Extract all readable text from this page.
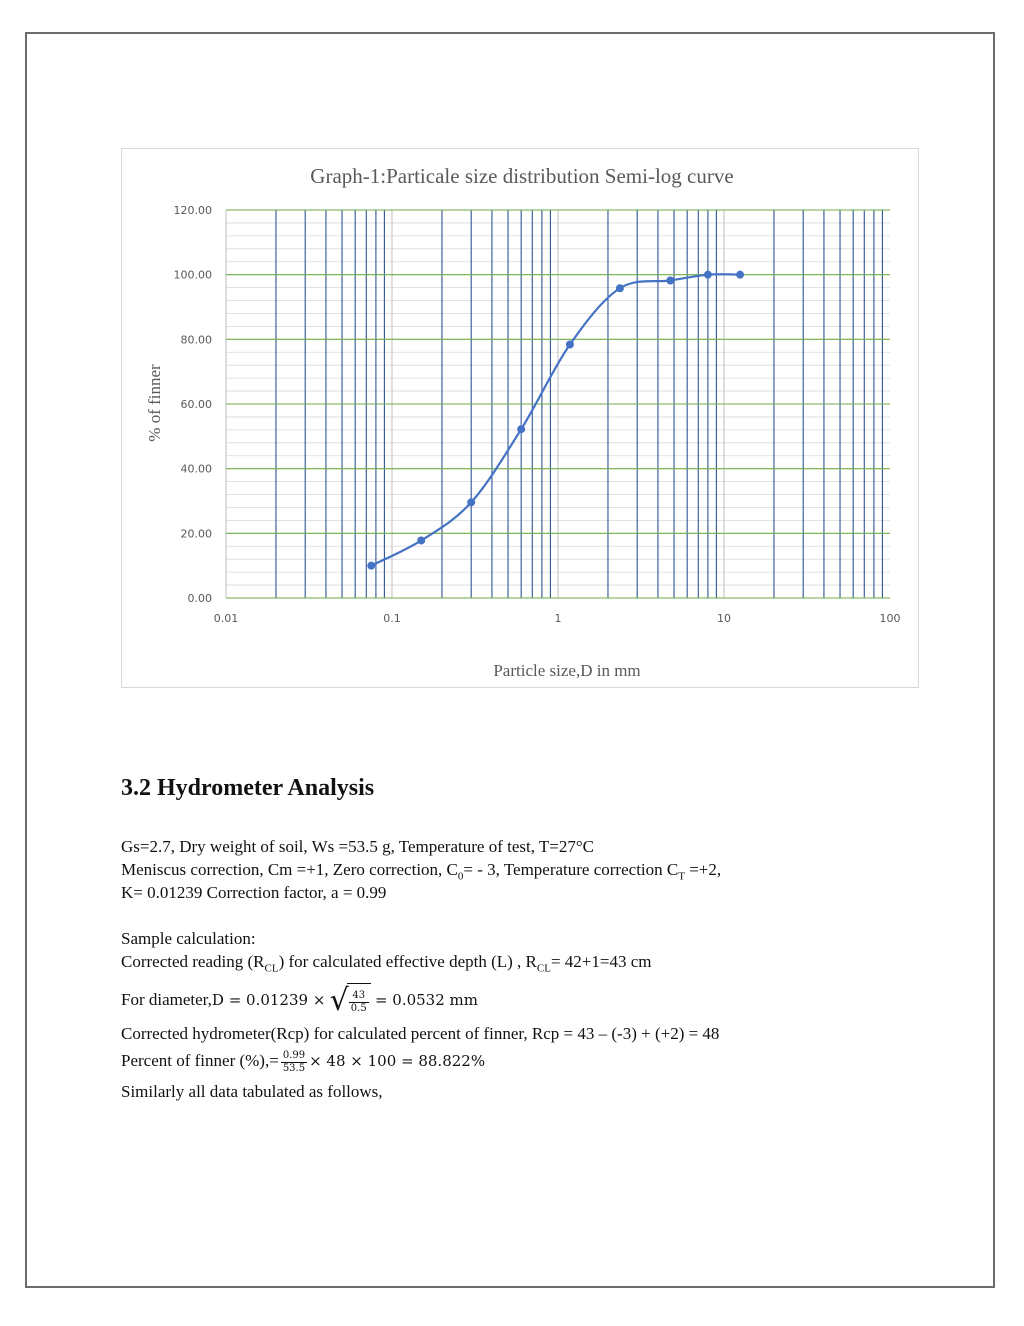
Graph-1:Particale size distribution Semi-log curve
0.00
20.00
40.00
60.00
80.00
100.00
120.00
0.01	0.1	1	10	100
Particle size,D in mm
% of finner
3.2 Hydrometer Analysis
Gs=2.7, Dry weight of soil, Ws =53.5 g, Temperature of test, T=27°C
Meniscus correction, Cm =+1, Zero correction, $C_0= - 3$, Temperature correction $C_T =+2$,
K= 0.01239 Correction factor, a = 0.99
Sample calculation:
Corrected reading $(R_{CL})$ for calculated effective depth (L) , $R_{CL}= 42+1=43$ cm
For diameter,D = 0.01239 × √ $\frac{43}{0.5} = 0.0532$ mm
Corrected hydrometer(Rcp) for calculated percent of finner, Rcp = 43 – (-3) + (+2) = 48
Percent of finner (%),= $\frac{0.99}{53.5} \times 48 \times 100 = 88.822\%$
Similarly all data tabulated as follows,
